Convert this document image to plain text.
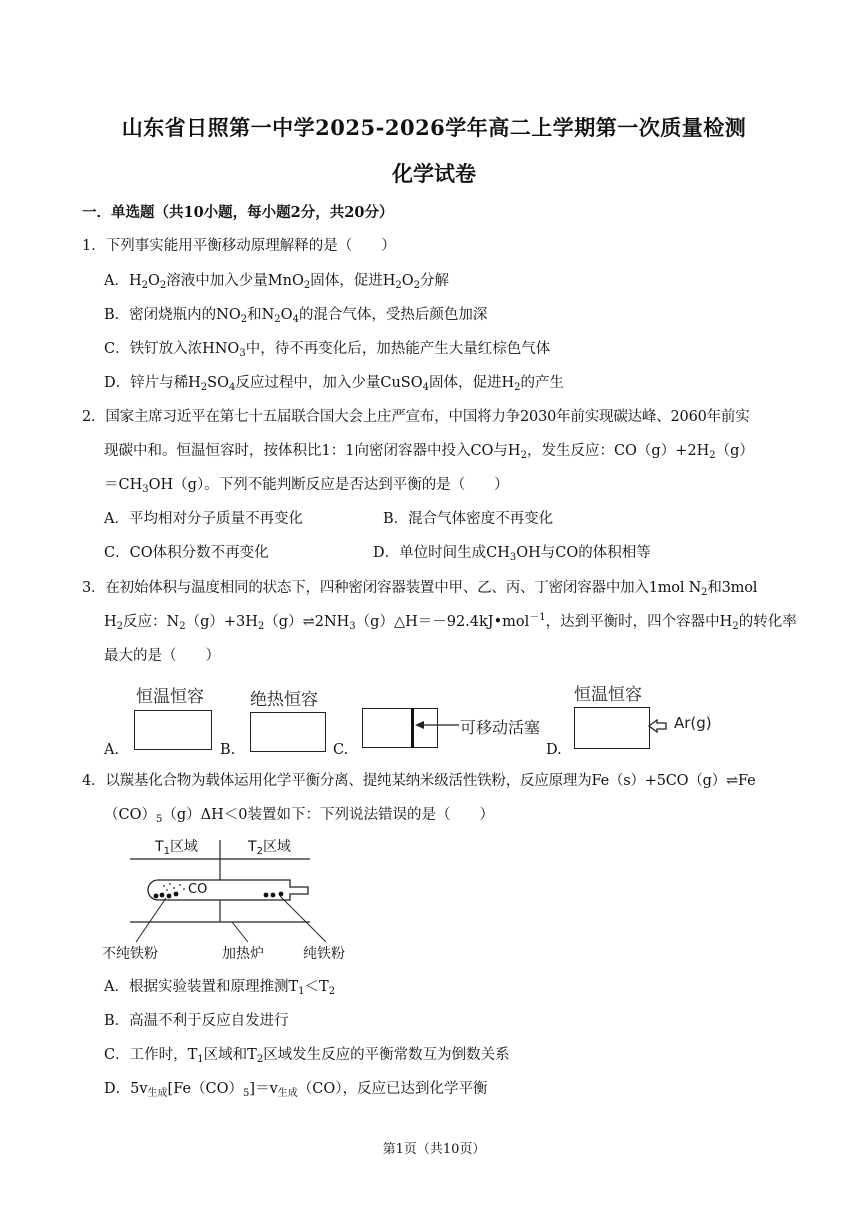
山东省日照第一中学2025-2026学年高二上学期第一次质量检测
化学试卷
一．单选题（共10小题，每小题2分，共20分）
1．下列事实能用平衡移动原理解释的是（　　）
A．$H_2O_2$溶液中加入少量MnO$_2$固体，促进$H_2O_2$分解
B．密闭烧瓶内的$NO_2$和$N_2O_4$的混合气体，受热后颜色加深
C．铁钉放入浓$HNO_3$中，待不再变化后，加热能产生大量红棕色气体
D．锌片与稀$H_2SO_4$反应过程中，加入少量CuSO$_4$固体，促进$H_2$的产生
2．国家主席习近平在第七十五届联合国大会上庄严宣布，中国将力争2030年前实现碳达峰、2060年前实
现碳中和。恒温恒容时，按体积比1：1向密闭容器中投入CO与$H_2$，发生反应：$CO(g)+2H_2(g)$
$=CH_3OH(g)$。下列不能判断反应是否达到平衡的是（　　）
A．平均相对分子质量不再变化	B．混合气体密度不再变化
C．CO体积分数不再变化	D．单位时间生成$CH_3OH$与CO的体积相等
3．在初始体积与温度相同的状态下，四种密闭容器装置中甲、乙、丙、丁密闭容器中加入1mol $N_2$和3mol
$H_2$反应：$N_2(g)+3H_2(g)\rightleftharpoons 2NH_3(g)\triangle H=-92.4kJ•mol^{-1}$，达到平衡时，四个容器中$H_2$的转化率
最大的是（　　）
A.
恒温恒容
B.
绝热恒容
C.
可移动活塞
D.
恒温恒容
Ar(g)
4．以羰基化合物为载体运用化学平衡分离、提纯某纳米级活性铁粉，反应原理为Fe（s）+5CO（g）⇌Fe
$(CO)_5(g)\Delta H<0$装置如下：下列说法错误的是（　　）
$T_1$区域	$T_2$区域
CO
不纯铁粉	加热炉	纯铁粉
A．根据实验装置和原理推测$T_1<T_2$
B．高温不利于反应自发进行
C．工作时，$T_1$区域和$T_2$区域发生反应的平衡常数互为倒数关系
D．$5v_{生成}[Fe(CO)_5]=v_{生成}(CO)$，反应已达到化学平衡
第1页（共10页）
